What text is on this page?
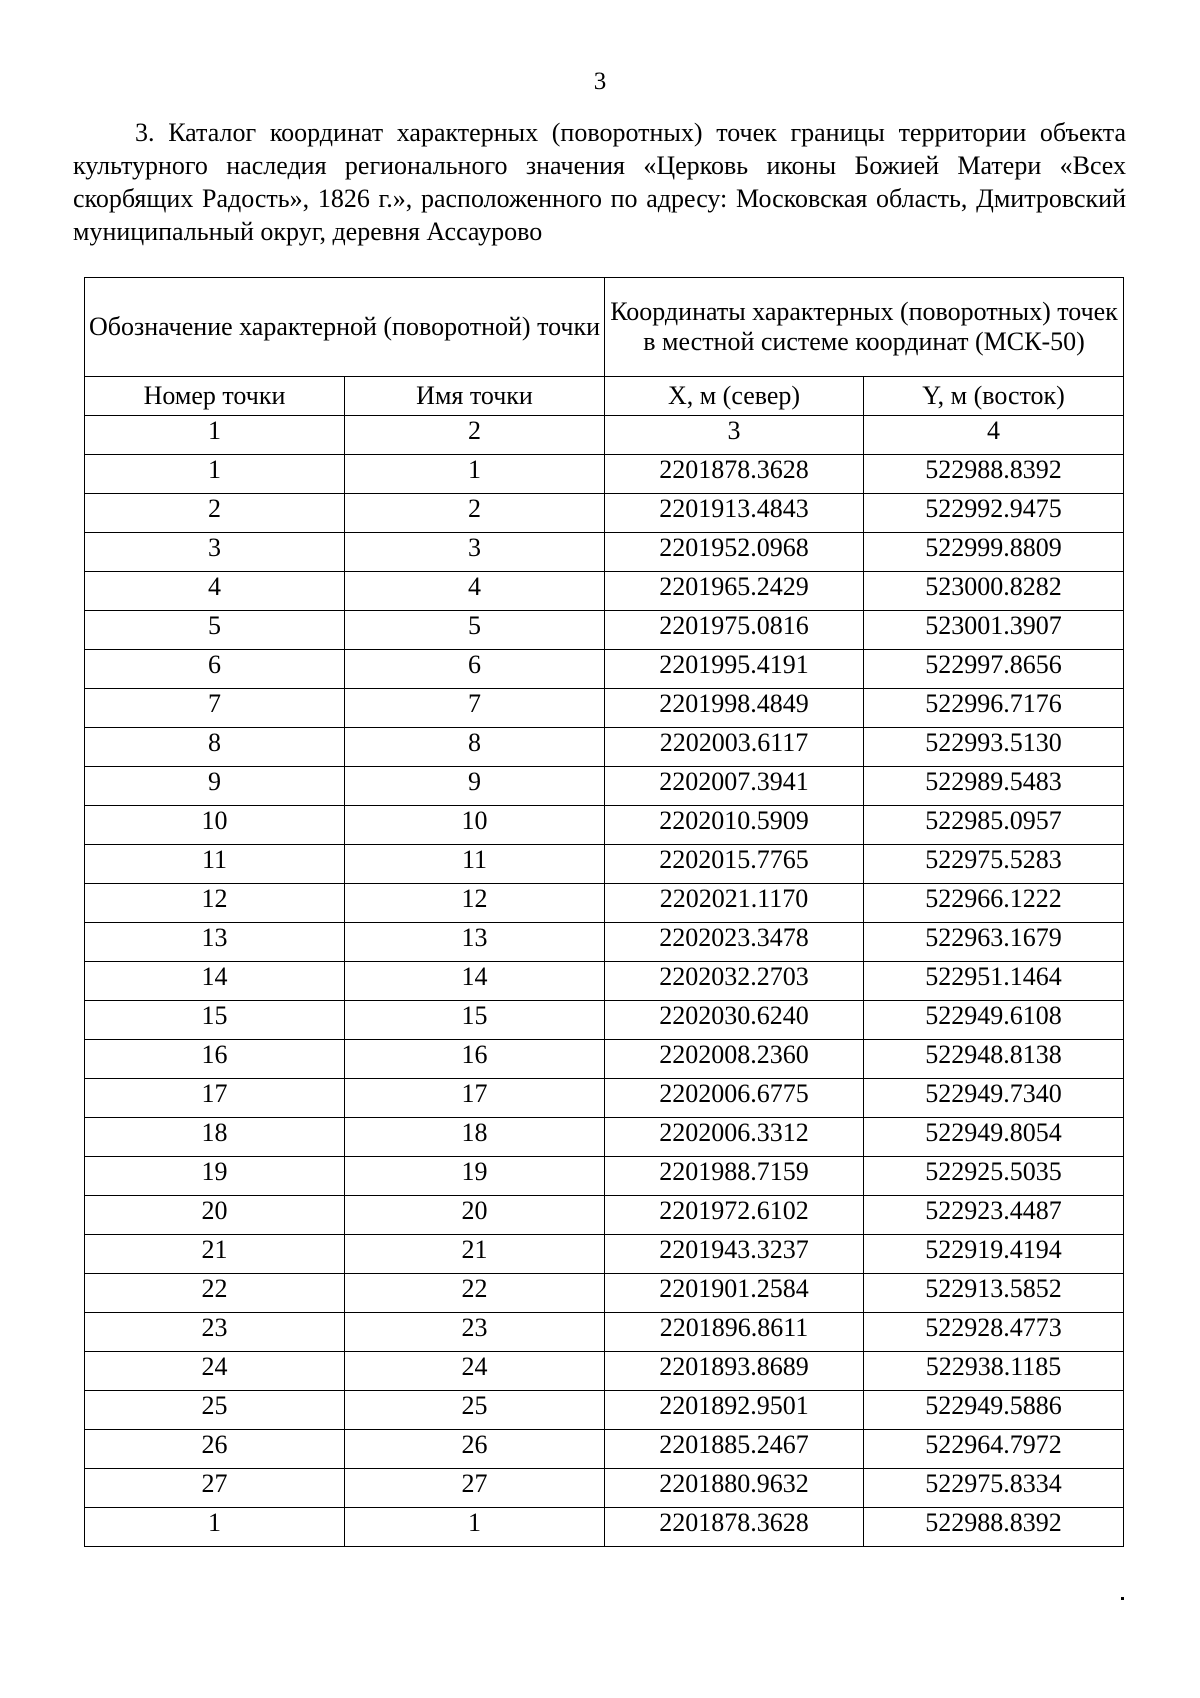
3
3. Каталог координат характерных (поворотных) точек границы территории объекта культурного наследия регионального значения «Церковь иконы Божией Матери «Всех скорбящих Радость», 1826 г.», расположенного по адресу: Московская область, Дмитровский муниципальный округ, деревня Ассаурово
Обозначение характерной (поворотной) точки		Координаты характерных (поворотных) точек в местной системе координат (МСК-50)	
Номер точки	Имя точки	X, м (север)	Y, м (восток)
1	2	3	4
1	1	2201878.3628	522988.8392
2	2	2201913.4843	522992.9475
3	3	2201952.0968	522999.8809
4	4	2201965.2429	523000.8282
5	5	2201975.0816	523001.3907
6	6	2201995.4191	522997.8656
7	7	2201998.4849	522996.7176
8	8	2202003.6117	522993.5130
9	9	2202007.3941	522989.5483
10	10	2202010.5909	522985.0957
11	11	2202015.7765	522975.5283
12	12	2202021.1170	522966.1222
13	13	2202023.3478	522963.1679
14	14	2202032.2703	522951.1464
15	15	2202030.6240	522949.6108
16	16	2202008.2360	522948.8138
17	17	2202006.6775	522949.7340
18	18	2202006.3312	522949.8054
19	19	2201988.7159	522925.5035
20	20	2201972.6102	522923.4487
21	21	2201943.3237	522919.4194
22	22	2201901.2584	522913.5852
23	23	2201896.8611	522928.4773
24	24	2201893.8689	522938.1185
25	25	2201892.9501	522949.5886
26	26	2201885.2467	522964.7972
27	27	2201880.9632	522975.8334
1	1	2201878.3628	522988.8392
